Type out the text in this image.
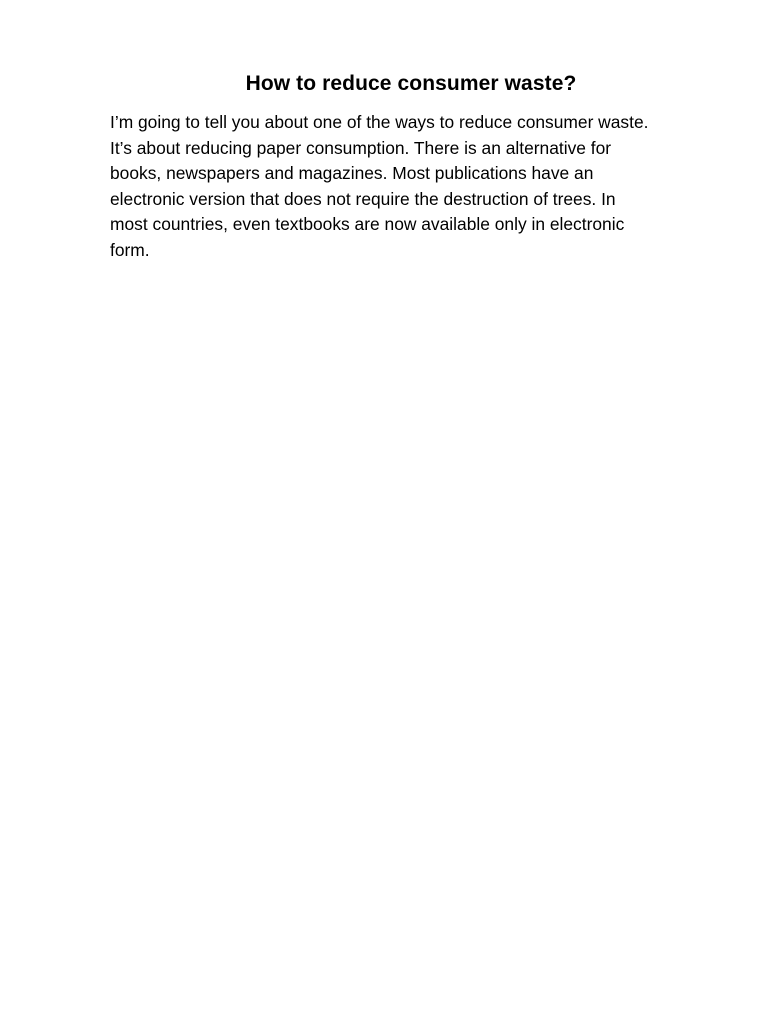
How to reduce consumer waste?

I’m going to tell you about one of the ways to reduce consumer waste.
It’s about reducing paper consumption. There is an alternative for
books, newspapers and magazines. Most publications have an
electronic version that does not require the destruction of trees. In
most countries, even textbooks are now available only in electronic
form.
